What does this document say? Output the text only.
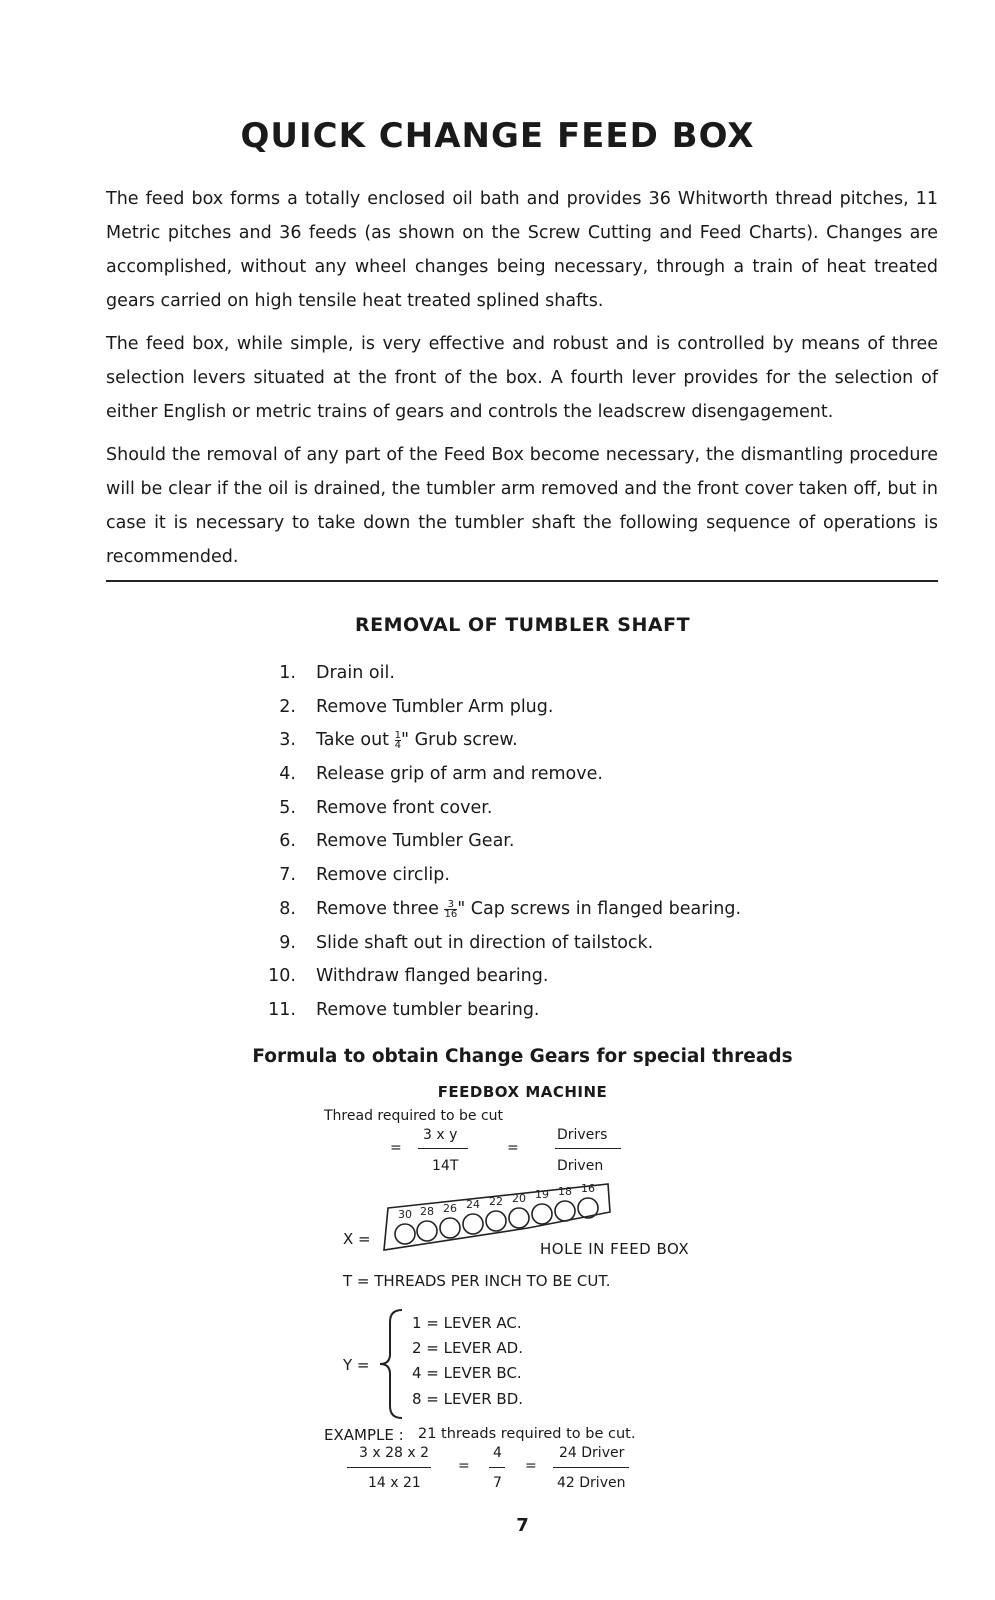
QUICK CHANGE FEED BOX

The feed box forms a totally enclosed oil bath and provides 36 Whitworth thread pitches, 11 Metric pitches and 36 feeds (as shown on the Screw Cutting and Feed Charts). Changes are accomplished, without any wheel changes being necessary, through a train of heat treated gears carried on high tensile heat treated splined shafts.

The feed box, while simple, is very effective and robust and is controlled by means of three selection levers situated at the front of the box. A fourth lever provides for the selection of either English or metric trains of gears and controls the leadscrew disengagement.

Should the removal of any part of the Feed Box become necessary, the dismantling procedure will be clear if the oil is drained, the tumbler arm removed and the front cover taken off, but in case it is necessary to take down the tumbler shaft the following sequence of operations is recommended.

REMOVAL OF TUMBLER SHAFT
1. Drain oil.
2. Remove Tumbler Arm plug.
3. Take out $\frac{1}{4}$ " Grub screw.
4. Release grip of arm and remove.
5. Remove front cover.
6. Remove Tumbler Gear.
7. Remove circlip.
8. Remove three $\frac{3}{16}$ " Cap screws in flanged bearing.
9. Slide shaft out in direction of tailstock.
10. Withdraw flanged bearing.
11. Remove tumbler bearing.
Formula to obtain Change Gears for special threads
FEEDBOX MACHINE
Thread required to be cut
3 x y
14T
=	=
Drivers
Driven
X =
30 28 26 24 22 20 19 18 16
HOLE IN FEED BOX
T = THREADS PER INCH TO BE CUT.
Y =
1 = LEVER AC.
2 = LEVER AD.
4 = LEVER BC.
8 = LEVER BD.
EXAMPLE : 21 threads required to be cut.
3 x 28 x 2
14 x 21
=
4
7
=
24 Driver
42 Driven
7
